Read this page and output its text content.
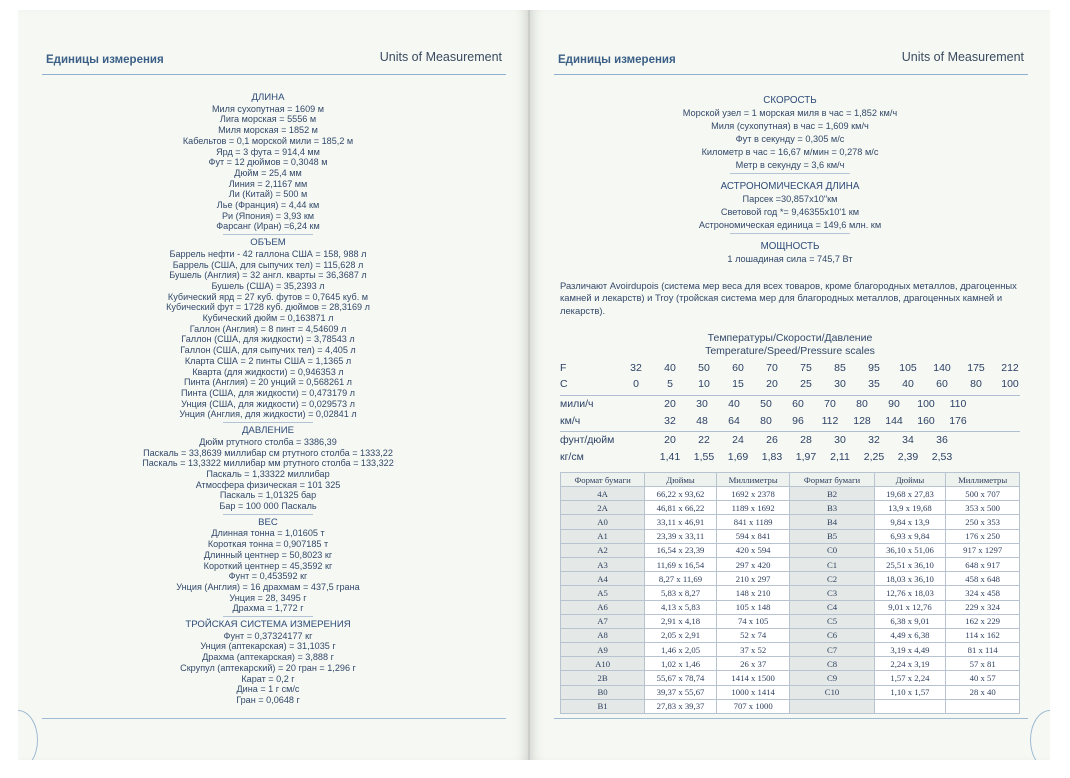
Единицы измерения	Units of Measurement
ДЛИНА
Миля сухопутная = 1609 м
Лига морская = 5556 м
Миля морская = 1852 м
Кабельтов = 0,1 морской мили = 185,2 м
Ярд = 3 фута = 914,4 мм
Фут = 12 дюймов = 0,3048 м
Дюйм = 25,4 мм
Линия = 2,1167 мм
Ли (Китай) = 500 м
Лье (Франция) = 4,44 км
Ри (Япония) = 3,93 км
Фарсанг (Иран) =6,24 км
ОБЪЕМ
Баррель нефти - 42 галлона США = 158, 988 л
Баррель (США, для сыпучих тел) = 115,628 л
Бушель (Англия) = 32 англ. кварты = 36,3687 л
Бушель (США) = 35,2393 л
Кубический ярд = 27 куб. футов = 0,7645 куб. м
Кубический фут = 1728 куб. дюймов = 28,3169 л
Кубический дюйм = 0,163871 л
Галлон (Англия) = 8 пинт = 4,54609 л
Галлон (США, для жидкости) = 3,78543 л
Галлон (США, для сыпучих тел) = 4,405 л
Кларта США = 2 пинты США = 1,1365 л
Кварта (для жидкости) = 0,946353 л
Пинта (Англия) = 20 унций = 0,568261 л
Пинта (США, для жидкости) = 0,473179 л
Унция (США, для жидкости) = 0,029573 л
Унция (Англия, для жидкости) = 0,02841 л
ДАВЛЕНИЕ
Дюйм ртутного столба = 3386,39
Паскаль = 33,8639 миллибар см ртутного столба = 1333,22
Паскаль = 13,3322 миллибар мм ртутного столба = 133,322
Паскаль = 1,33322 миллибар
Атмосфера физическая = 101 325
Паскаль = 1,01325 бар
Бар = 100 000 Паскаль
ВЕС
Длинная тонна = 1,01605 т
Короткая тонна = 0,907185 т
Длинный центнер = 50,8023 кг
Короткий центнер = 45,3592 кг
Фунт = 0,453592 кг
Унция (Англия) = 16 драхмам = 437,5 грана
Унция = 28, 3495 г
Драхма = 1,772 г
ТРОЙСКАЯ СИСТЕМА ИЗМЕРЕНИЯ
Фунт = 0,37324177 кг
Унция (аптекарская) = 31,1035 г
Драхма (аптекарская) = 3,888 г
Скрупул (аптекарский) = 20 гран = 1,296 г
Карат = 0,2 г
Дина = 1 г см/с
Гран = 0,0648 г
Единицы измерения	Units of Measurement
СКОРОСТЬ
Морской узел = 1 морская миля в час = 1,852 км/ч
Миля (сухопутная) в час = 1,609 км/ч
Фут в секунду = 0,305 м/с
Километр в час = 16,67 м/мин = 0,278 м/с
Метр в секунду = 3,6 км/ч
АСТРОНОМИЧЕСКАЯ ДЛИНА
Парсек =30,857х10"км
Световой год *= 9,46355х10'1 км
Астрономическая единица = 149,6 млн. км
МОЩНОСТЬ
1 лошадиная сила = 745,7 Вт
Различают Avoirdupois (система мер веса для всех товаров, кроме благородных металлов, драгоценных камней и лекарств) и Troy (тройская система мер для благородных металлов, драгоценных камней и лекарств).
Температуры/Скорости/Давление
Temperature/Speed/Pressure scales
F	32	40	50	60	70	75	85	95	105	140	175	212
C	0	5	10	15	20	25	30	35	40	60	80	100
мили/ч	20	30	40	50	60	70	80	90	100	110
км/ч	32	48	64	80	96	112	128	144	160	176
фунт/дюйм	20	22	24	26	28	30	32	34	36
кг/см	1,41	1,55	1,69	1,83	1,97	2,11	2,25	2,39	2,53
Формат бумаги	Дюймы	Миллиметры	Формат бумаги	Дюймы	Миллиметры
4A	66,22 x 93,62	1692 x 2378	B2	19,68 x 27,83	500 x 707
2A	46,81 x 66,22	1189 x 1692	B3	13,9 x 19,68	353 x 500
A0	33,11 x 46,91	841 x 1189	B4	9,84 x 13,9	250 x 353
A1	23,39 x 33,11	594 x 841	B5	6,93 x 9,84	176 x 250
A2	16,54 x 23,39	420 x 594	C0	36,10 x 51,06	917 x 1297
A3	11,69 x 16,54	297 x 420	C1	25,51 x 36,10	648 x 917
A4	8,27 x 11,69	210 x 297	C2	18,03 x 36,10	458 x 648
A5	5,83 x 8,27	148 x 210	C3	12,76 x 18,03	324 x 458
A6	4,13 x 5,83	105 x 148	C4	9,01 x 12,76	229 x 324
A7	2,91 x 4,18	74 x 105	C5	6,38 x 9,01	162 x 229
A8	2,05 x 2,91	52 x 74	C6	4,49 x 6,38	114 x 162
A9	1,46 x 2,05	37 x 52	C7	3,19 x 4,49	81 x 114
A10	1,02 x 1,46	26 x 37	C8	2,24 x 3,19	57 x 81
2B	55,67 x 78,74	1414 x 1500	C9	1,57 x 2,24	40 x 57
B0	39,37 x 55,67	1000 x 1414	C10	1,10 x 1,57	28 x 40
B1	27,83 x 39,37	707 x 1000			
